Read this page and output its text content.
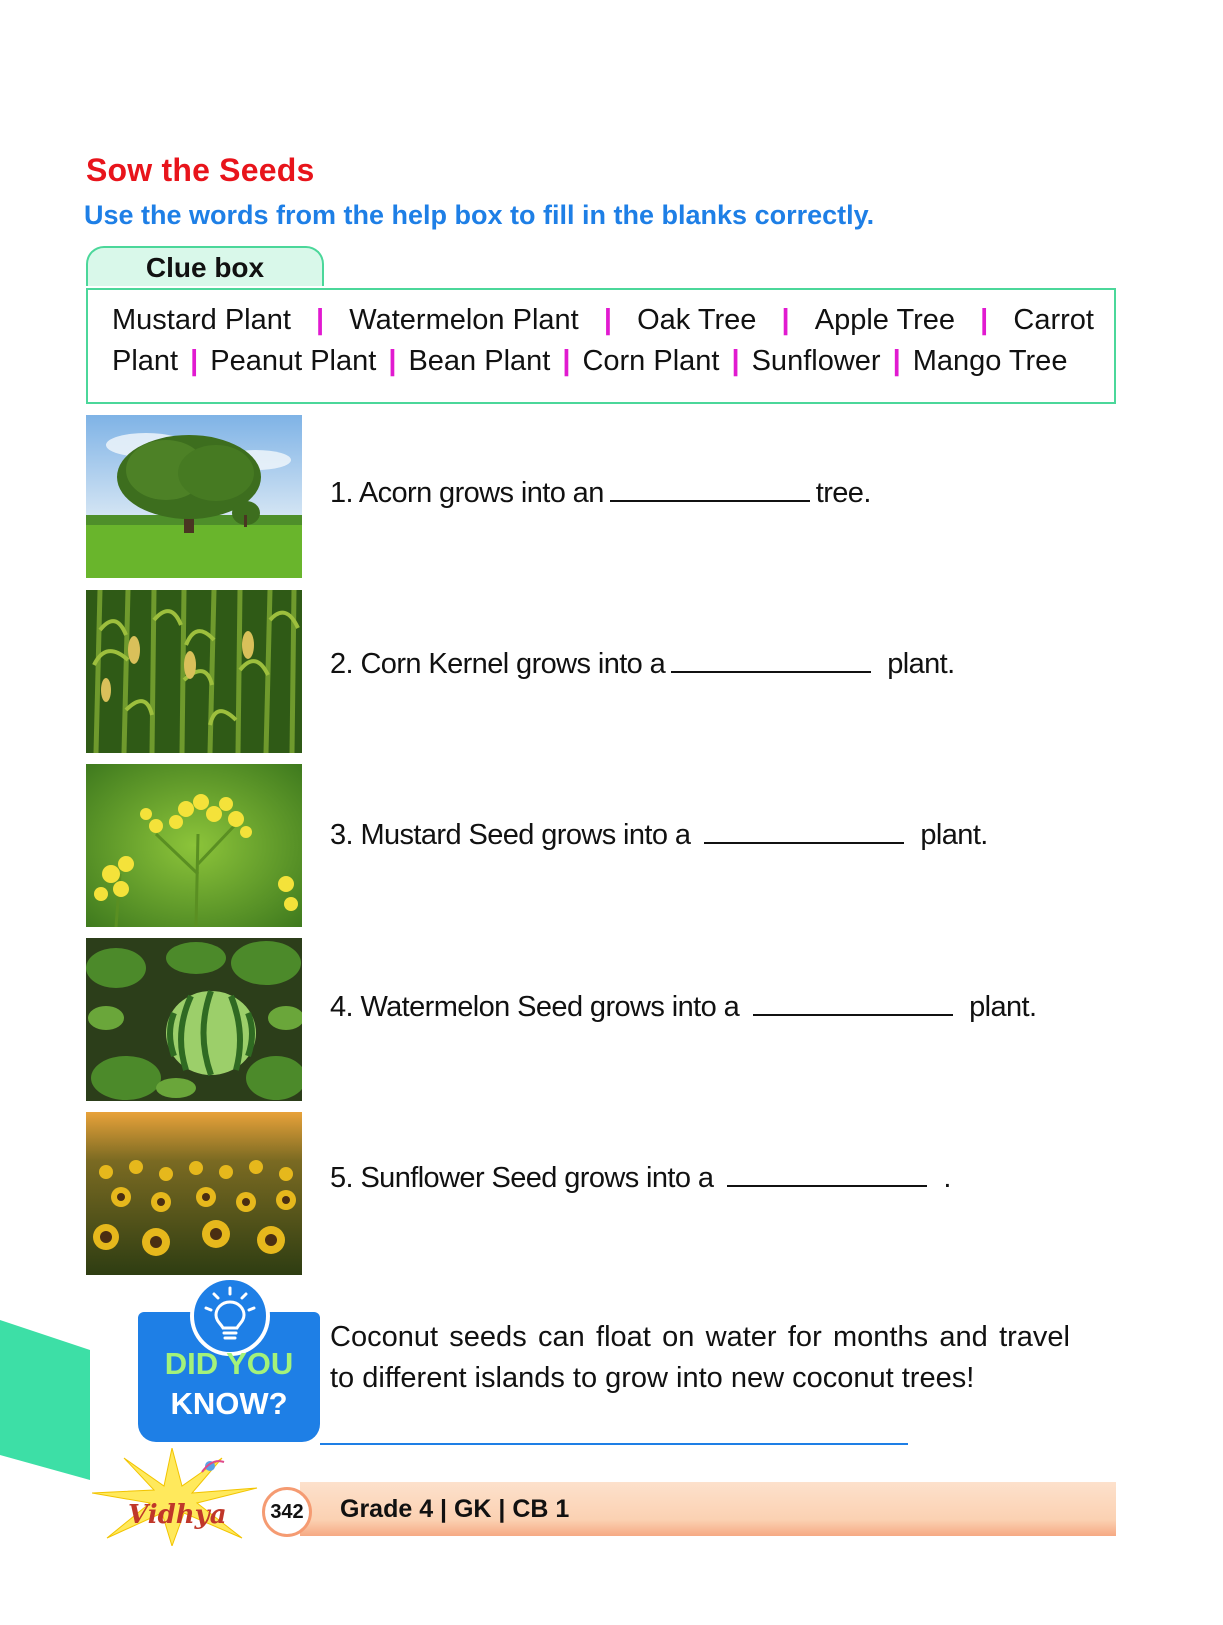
Sow the Seeds
Use the words from the help box to fill in the blanks correctly.
Clue box
Mustard Plant | Watermelon Plant | Oak Tree | Apple Tree | Carrot
Plant | Peanut Plant | Bean Plant | Corn Plant | Sunflower | Mango Tree
1. Acorn grows into an	tree.
2. Corn Kernel grows into a	plant.
3. Mustard Seed grows into a	plant.
4. Watermelon Seed grows into a	plant.
5. Sunflower Seed grows into a	.
DID YOU
KNOW?
Coconut seeds can float on water for months and travel to different islands to grow into new coconut trees!
Vidhya	342	Grade 4 | GK | CB 1
